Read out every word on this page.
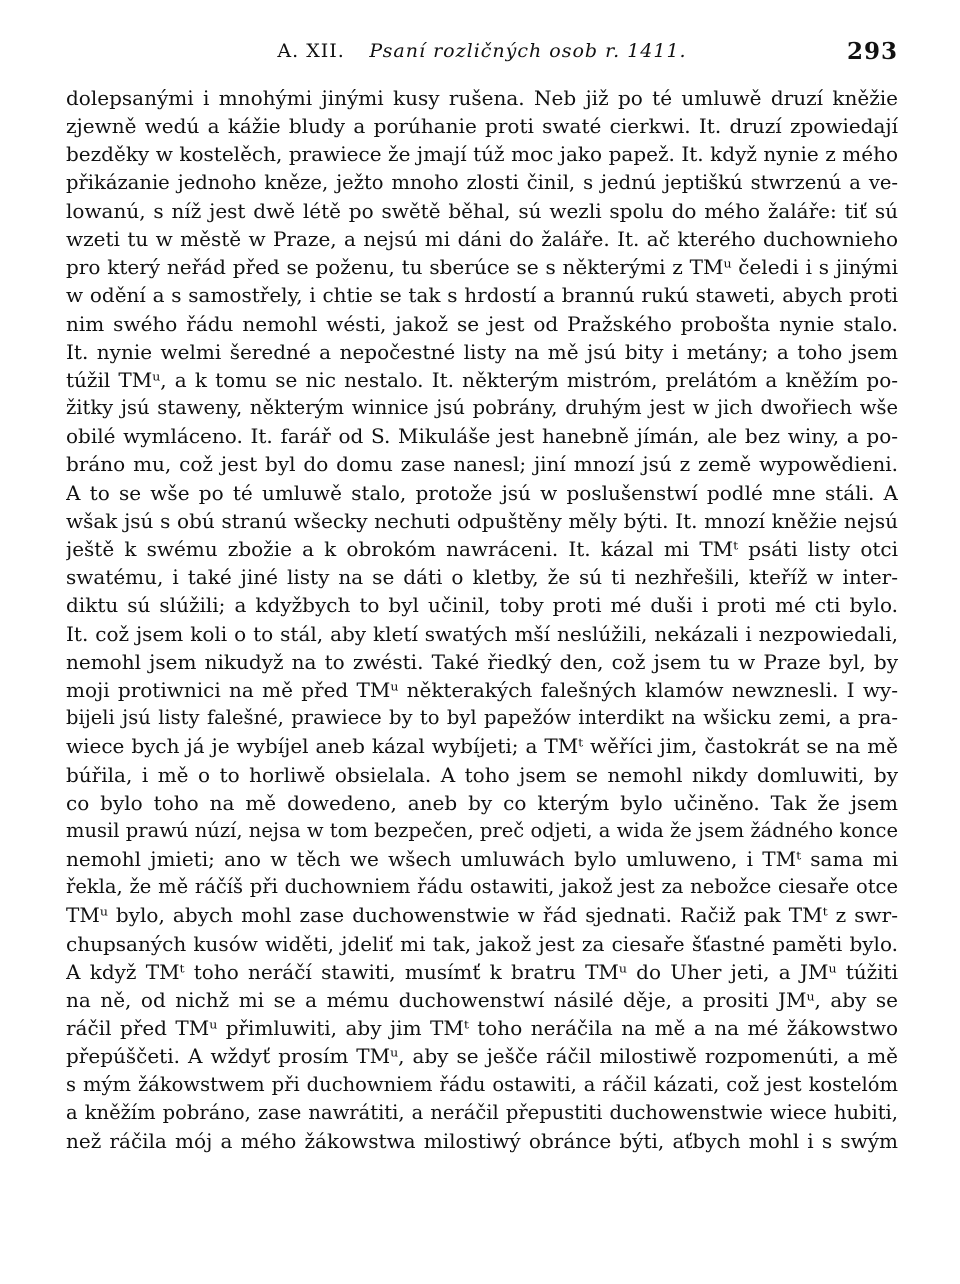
A. XII.   Psaní rozličných osob r. 1411.	293
dolepsanými i mnohými jinými kusy rušena. Neb již po té umluwě druzí kněžie
zjewně wedú a kážie bludy a porúhanie proti swaté cierkwi. It. druzí zpowiedají
bezděky w kostelěch, prawiece že jmají túž moc jako papež. It. když nynie z mého
přikázanie jednoho kněze, ježto mnoho zlosti činil, s jednú jeptiškú stwrzenú a ve-
lowanú, s níž jest dwě létě po swětě běhal, sú wezli spolu do mého žaláře: tiť sú
wzeti tu w městě w Praze, a nejsú mi dáni do žaláře. It. ač kterého duchownieho
pro který neřád před se poženu, tu sberúce se s některými z TMᵘ čeledi i s jinými
w odění a s samostřely, i chtie se tak s hrdostí a brannú rukú staweti, abych proti
nim swého řádu nemohl wésti, jakož se jest od Pražského probošta nynie stalo.
It. nynie welmi šeredné a nepočestné listy na mě jsú bity i metány; a toho jsem
túžil TMᵘ, a k tomu se nic nestalo. It. některým mistróm, prelátóm a kněžím po-
žitky jsú staweny, některým winnice jsú pobrány, druhým jest w jich dwořiech wše
obilé wymláceno. It. farář od S. Mikuláše jest hanebně jímán, ale bez winy, a po-
bráno mu, což jest byl do domu zase nanesl; jiní mnozí jsú z země wypowědieni.
A to se wše po té umluwě stalo, protože jsú w poslušenstwí podlé mne stáli. A
wšak jsú s obú stranú wšecky nechuti odpuštěny měly býti. It. mnozí kněžie nejsú
ještě k swému zbožie a k obrokóm nawráceni. It. kázal mi TMᵗ psáti listy otci
swatému, i také jiné listy na se dáti o kletby, že sú ti nezhřešili, kteříž w inter-
diktu sú slúžili; a kdyžbych to byl učinil, toby proti mé duši i proti mé cti bylo.
It. což jsem koli o to stál, aby kletí swatých mší neslúžili, nekázali i nezpowiedali,
nemohl jsem nikudyž na to zwésti. Také řiedký den, což jsem tu w Praze byl, by
moji protiwnici na mě před TMᵘ některakých falešných klamów newznesli. I wy-
bijeli jsú listy falešné, prawiece by to byl papežów interdikt na wšicku zemi, a pra-
wiece bych já je wybíjel aneb kázal wybíjeti; a TMᵗ wěříci jim, častokrát se na mě
búřila, i mě o to horliwě obsielala. A toho jsem se nemohl nikdy domluwiti, by
co bylo toho na mě dowedeno, aneb by co kterým bylo učiněno. Tak že jsem
musil prawú núzí, nejsa w tom bezpečen, preč odjeti, a wida že jsem žádného konce
nemohl jmieti; ano w těch we wšech umluwách bylo umluweno, i TMᵗ sama mi
řekla, že mě ráčíš při duchowniem řádu ostawiti, jakož jest za nebožce ciesaře otce
TMᵘ bylo, abych mohl zase duchowenstwie w řád sjednati. Račiž pak TMᵗ z swr-
chupsaných kusów widěti, jdeliť mi tak, jakož jest za ciesaře šťastné paměti bylo.
A když TMᵗ toho neráčí stawiti, musímť k bratru TMᵘ do Uher jeti, a JMᵘ túžiti
na ně, od nichž mi se a mému duchowenstwí násilé děje, a prositi JMᵘ, aby se
ráčil před TMᵘ přimluwiti, aby jim TMᵗ toho neráčila na mě a na mé žákowstwo
přepúščeti. A wždyť prosím TMᵘ, aby se ješče ráčil milostiwě rozpomenúti, a mě
s mým žákowstwem při duchowniem řádu ostawiti, a ráčil kázati, což jest kostelóm
a kněžím pobráno, zase nawrátiti, a neráčil přepustiti duchowenstwie wiece hubiti,
než ráčila mój a mého žákowstwa milostiwý obránce býti, aťbych mohl i s swým
